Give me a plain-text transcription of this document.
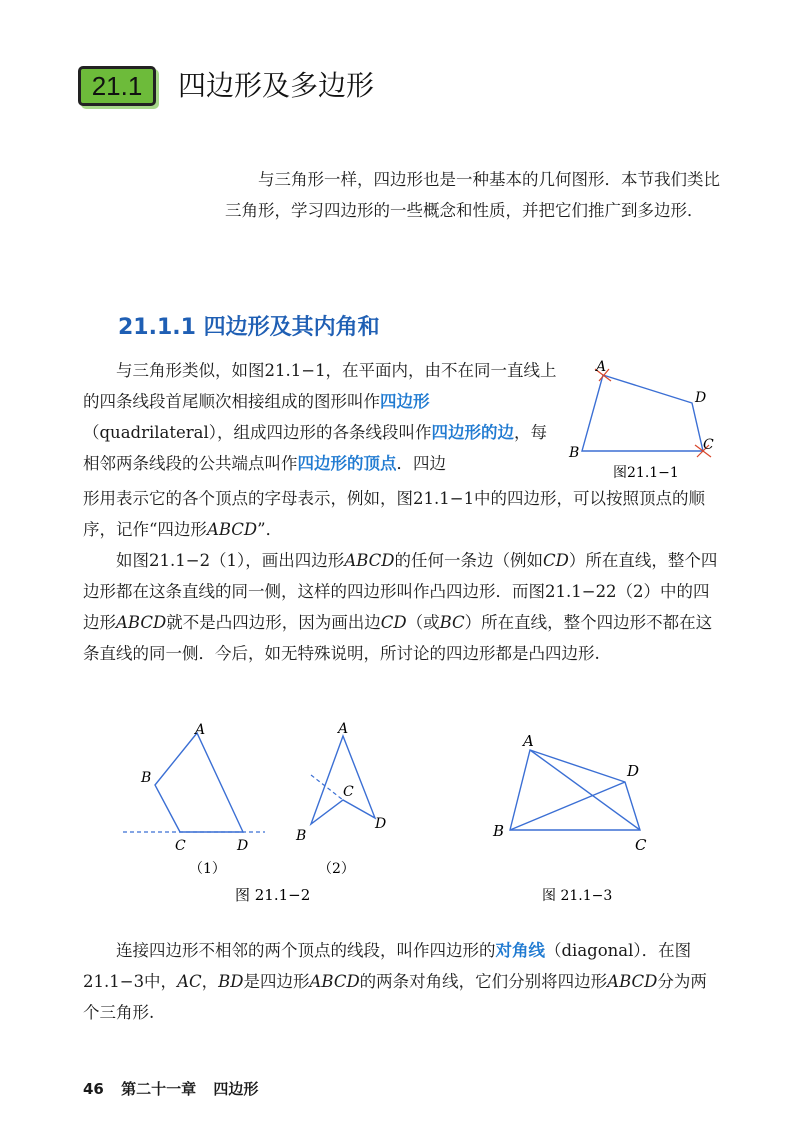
21.1	四边形及多边形

与三角形一样，四边形也是一种基本的几何图形．本节我们类比三角形，学习四边形的一些概念和性质，并把它们推广到多边形．

21.1.1 四边形及其内角和

与三角形类似，如图21.1−1，在平面内，由不在同一直线上的四条线段首尾顺次相接组成的图形叫作四边形（quadrilateral），组成四边形的各条线段叫作四边形的边，每相邻两条线段的公共端点叫作四边形的顶点．四边

形用表示它的各个顶点的字母表示，例如，图21.1−1中的四边形，可以按照顶点的顺序，记作“四边形ABCD”．

A
D
C
B
图21.1−1

如图21.1−2（1），画出四边形ABCD的任何一条边（例如CD）所在直线，整个四边形都在这条直线的同一侧，这样的四边形叫作凸四边形．而图21.1−22（2）中的四边形ABCD就不是凸四边形，因为画出边CD（或BC）所在直线，整个四边形不都在这条直线的同一侧．今后，如无特殊说明，所讨论的四边形都是凸四边形.

A
B
C	D
（1）
A
C
B
D
（2）
图 21.1−2
A
D
B
C
图 21.1−3

连接四边形不相邻的两个顶点的线段，叫作四边形的对角线（diagonal）．在图21.1−3中，AC，BD是四边形ABCD的两条对角线，它们分别将四边形ABCD分为两个三角形.

46 第二十一章 四边形
